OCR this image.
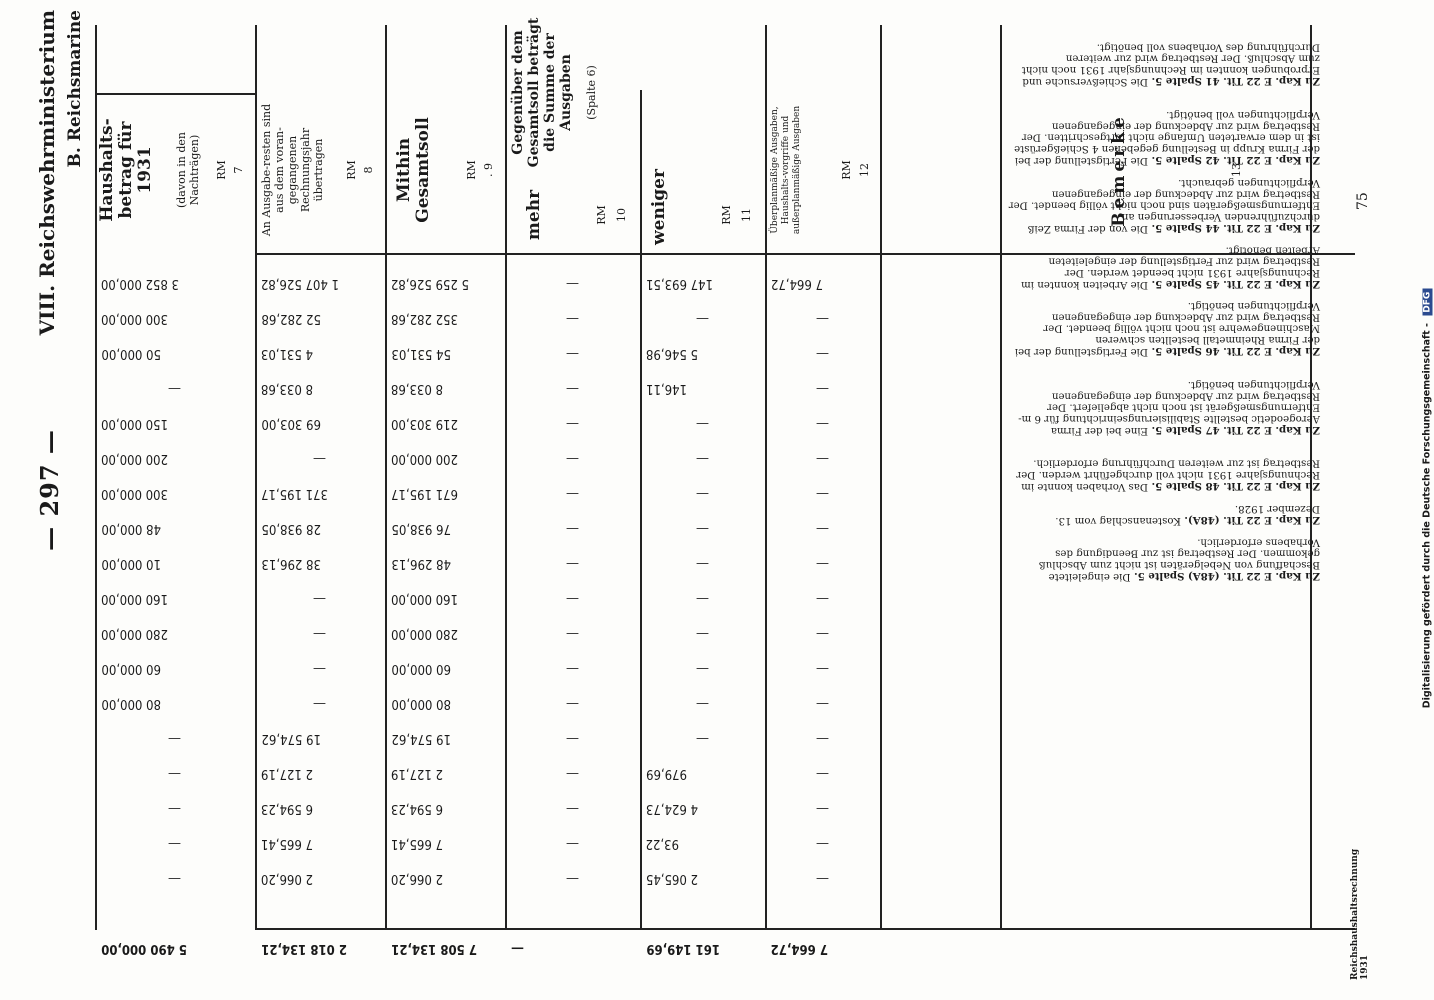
— 297 —
VIII. Reichswehrministerium B. Reichsmarine
Haushalts-betrag für 1931 (davon in den Nachträgen) RM 7 An Ausgabe-resten sind aus dem voran-gegangenen Rechnungsjahr übertragen RM 8 Mithin Gesamtsoll	RM . 9
Gegenüber dem Gesamtsoll beträgt die Summe der Ausgaben (Spalte 6)
mehr	RM 10 weniger	RM 11 Überplanmäßige Ausgaben, Haushalts-vorgriffe und außerplanmäßige Ausgaben	RM 12	Bemerke	13
3 852 000,00	1 407 526,82	5 259 526,82	—	147 693,51	7 664,72
300 000,00	52 282,68	352 282,68	—	—	—
50 000,00	4 531,03	54 531,03	—	5 546,98	—
—	8 033,68	8 033,68	—	146,11	—
150 000,00	69 303,00	219 303,00	—	—	—
200 000,00	—	200 000,00	—	—	—
300 000,00	371 195,17	671 195,17	—	—	—
48 000,00	28 938,05	76 938,05	—	—	—
10 000,00	38 296,13	48 296,13	—	—	—
160 000,00	—	160 000,00	—	—	—
280 000,00	—	280 000,00	—	—	—
60 000,00	—	60 000,00	—	—	—
80 000,00	—	80 000,00	—	—	—
—	19 574,62	19 574,62	—	—	—
—	2 127,19	2 127,19	—	979,69	—
—	6 594,23	6 594,23	—	4 624,73	—
—	7 665,41	7 665,41	—	93,22	—
—	2 066,20	2 066,20	—	2 065,45	—
5 490 000,00	2 018 134,21	7 508 134,21	—	161 149,69	7 664,72
Zu Kap. E 22 Tit. 41 Spalte 5. Die Schießversuche und Erprobungen konnten im Rechnungsjahr 1931 noch nicht zum Abschluß. Der Restbetrag wird zur weiteren Durchführung des Vorhabens voll benötigt.
Zu Kap. E 22 Tit. 42 Spalte 5. Die Fertigstellung der bei der Firma Krupp in Bestellung gegebenen 4 Schießgerüste ist in dem erwarteten Umfange nicht fortgeschritten. Der Restbetrag wird zur Abdeckung der eingegangenen Verpflichtungen voll benötigt.
Zu Kap. E 22 Tit. 44 Spalte 5. Die von der Firma Zeiß durchzuführenden Verbesserungen an Entfernungsmeßgeräten sind noch nicht völlig beendet. Der Restbetrag wird zur Abdeckung der eingegangenen Verpflichtungen gebraucht.
Zu Kap. E 22 Tit. 45 Spalte 5. Die Arbeiten konnten im Rechnungsjahre 1931 nicht beendet werden. Der Restbetrag wird zur Fertigstellung der eingeleiteten Arbeiten benötigt.
Zu Kap. E 22 Tit. 46 Spalte 5. Die Fertigstellung der bei der Firma Rheinmetall bestellten schweren Maschinengewehre ist noch nicht völlig beendet. Der Restbetrag wird zur Abdeckung der eingegangenen Verpflichtungen benötigt.
Zu Kap. E 22 Tit. 47 Spalte 5. Eine bei der Firma Aerogeodetic bestellte Stabilisierungseinrichtung für 6 m-Entfernungsmeßgerät ist noch nicht abgeliefert. Der Restbetrag wird zur Abdeckung der eingegangenen Verpflichtungen benötigt.
Zu Kap. E 22 Tit. 48 Spalte 5. Das Vorhaben konnte im Rechnungsjahre 1931 nicht voll durchgeführt werden. Der Restbetrag ist zur weiteren Durchführung erforderlich.
Zu Kap. E 22 Tit. (48A). Kostenanschlag vom 13. Dezember 1928.
Zu Kap. E 22 Tit. (48A) Spalte 5. Die eingeleitete Beschaffung von Nebelgeräten ist nicht zum Abschluß gekommen. Der Restbetrag ist zur Beendigung des Vorhabens erforderlich.
75
Reichshaushaltsrechnung 1931
Digitalisierung gefördert durch die Deutsche Forschungsgemeinschaft - DFG
